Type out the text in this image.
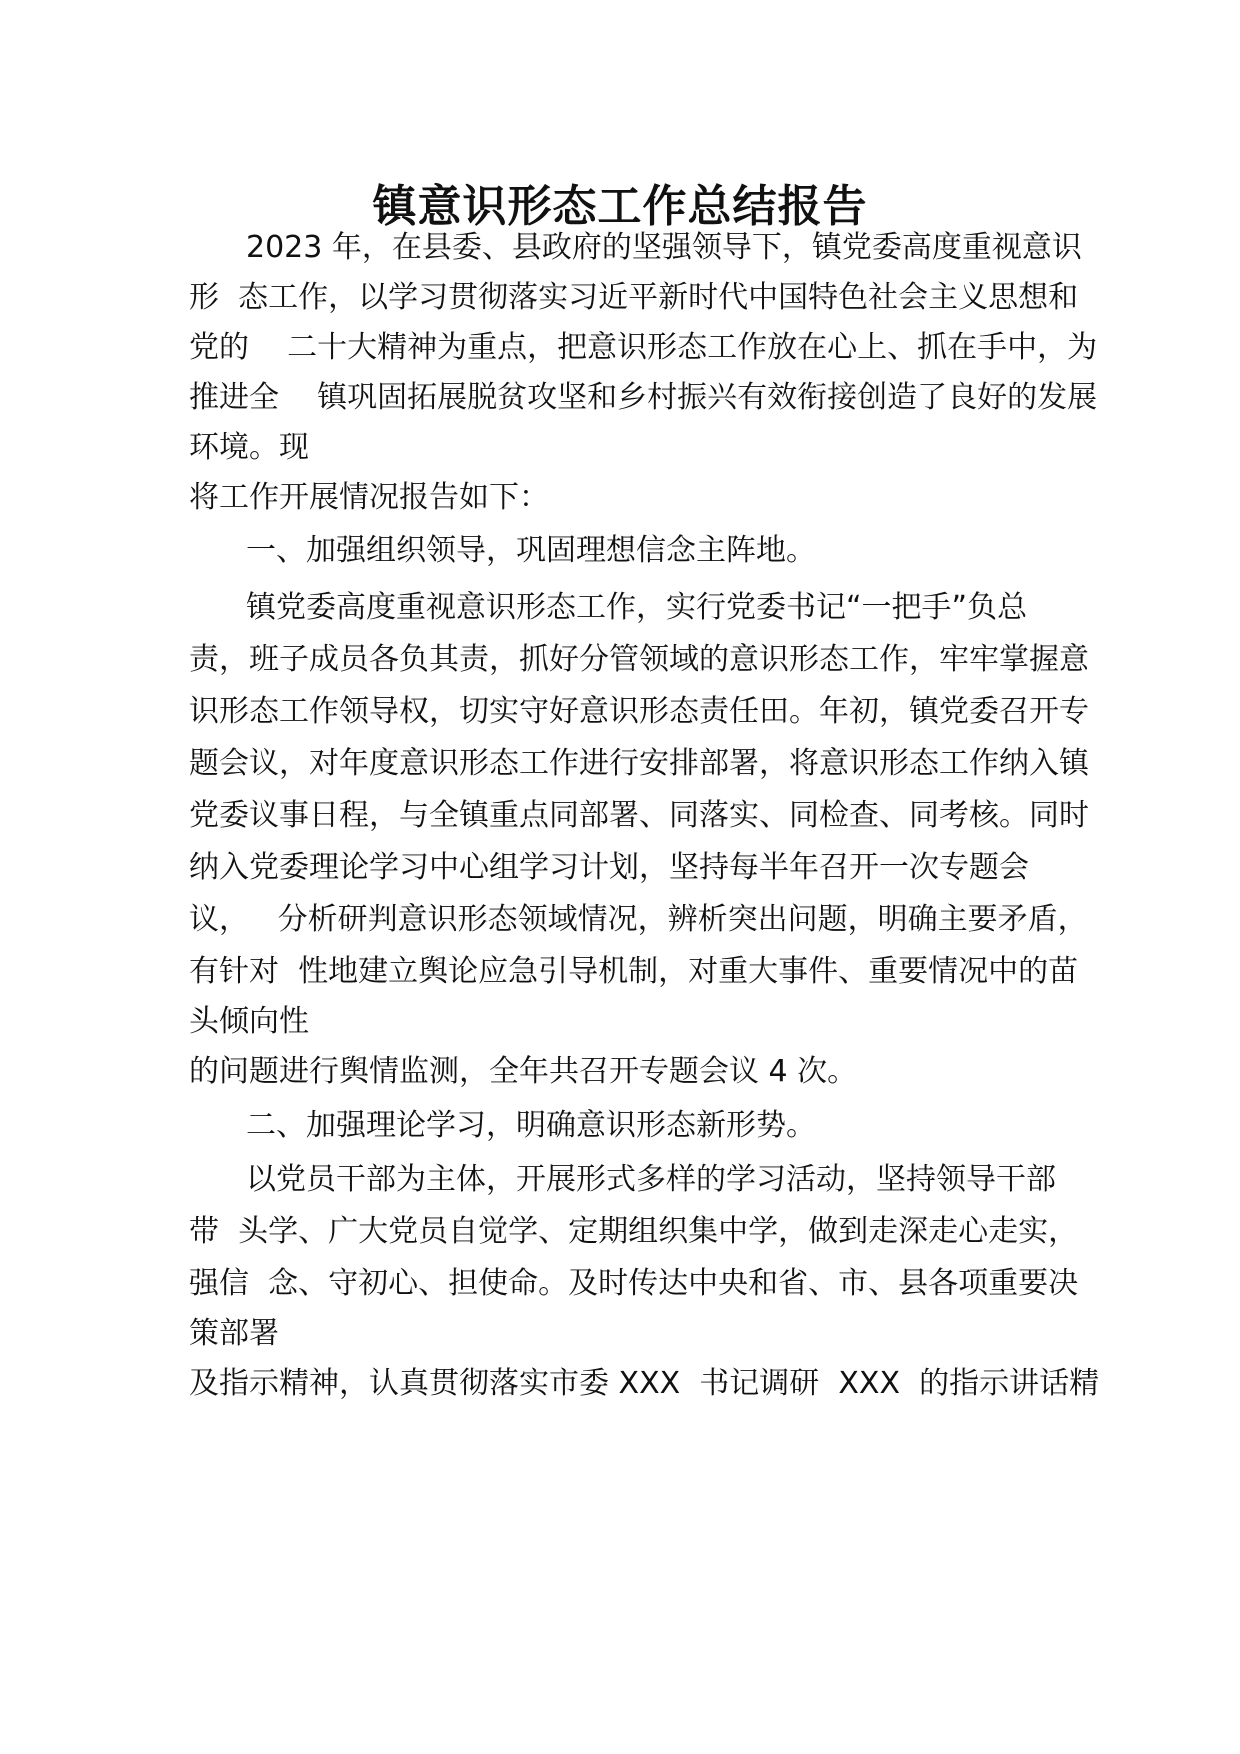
镇意识形态工作总结报告
2023 年，在县委、县政府的坚强领导下，镇党委高度重视意识
形  态工作，以学习贯彻落实习近平新时代中国特色社会主义思想和
党的    二十大精神为重点，把意识形态工作放在心上、抓在手中，为
推进全    镇巩固拓展脱贫攻坚和乡村振兴有效衔接创造了良好的发展
环境。现
将工作开展情况报告如下：
一、加强组织领导，巩固理想信念主阵地。
镇党委高度重视意识形态工作，实行党委书记“一把手”负总
责，班子成员各负其责，抓好分管领域的意识形态工作，牢牢掌握意
识形态工作领导权，切实守好意识形态责任田。年初，镇党委召开专
题会议，对年度意识形态工作进行安排部署，将意识形态工作纳入镇
党委议事日程，与全镇重点同部署、同落实、同检查、同考核。同时
纳入党委理论学习中心组学习计划，坚持每半年召开一次专题会
议，   分析研判意识形态领域情况，辨析突出问题，明确主要矛盾，
有针对  性地建立舆论应急引导机制，对重大事件、重要情况中的苗
头倾向性
的问题进行舆情监测，全年共召开专题会议 4 次。
二、加强理论学习，明确意识形态新形势。
以党员干部为主体，开展形式多样的学习活动，坚持领导干部
带  头学、广大党员自觉学、定期组织集中学，做到走深走心走实，
强信  念、守初心、担使命。及时传达中央和省、市、县各项重要决
策部署
及指示精神，认真贯彻落实市委 XXX  书记调研  XXX  的指示讲话精
